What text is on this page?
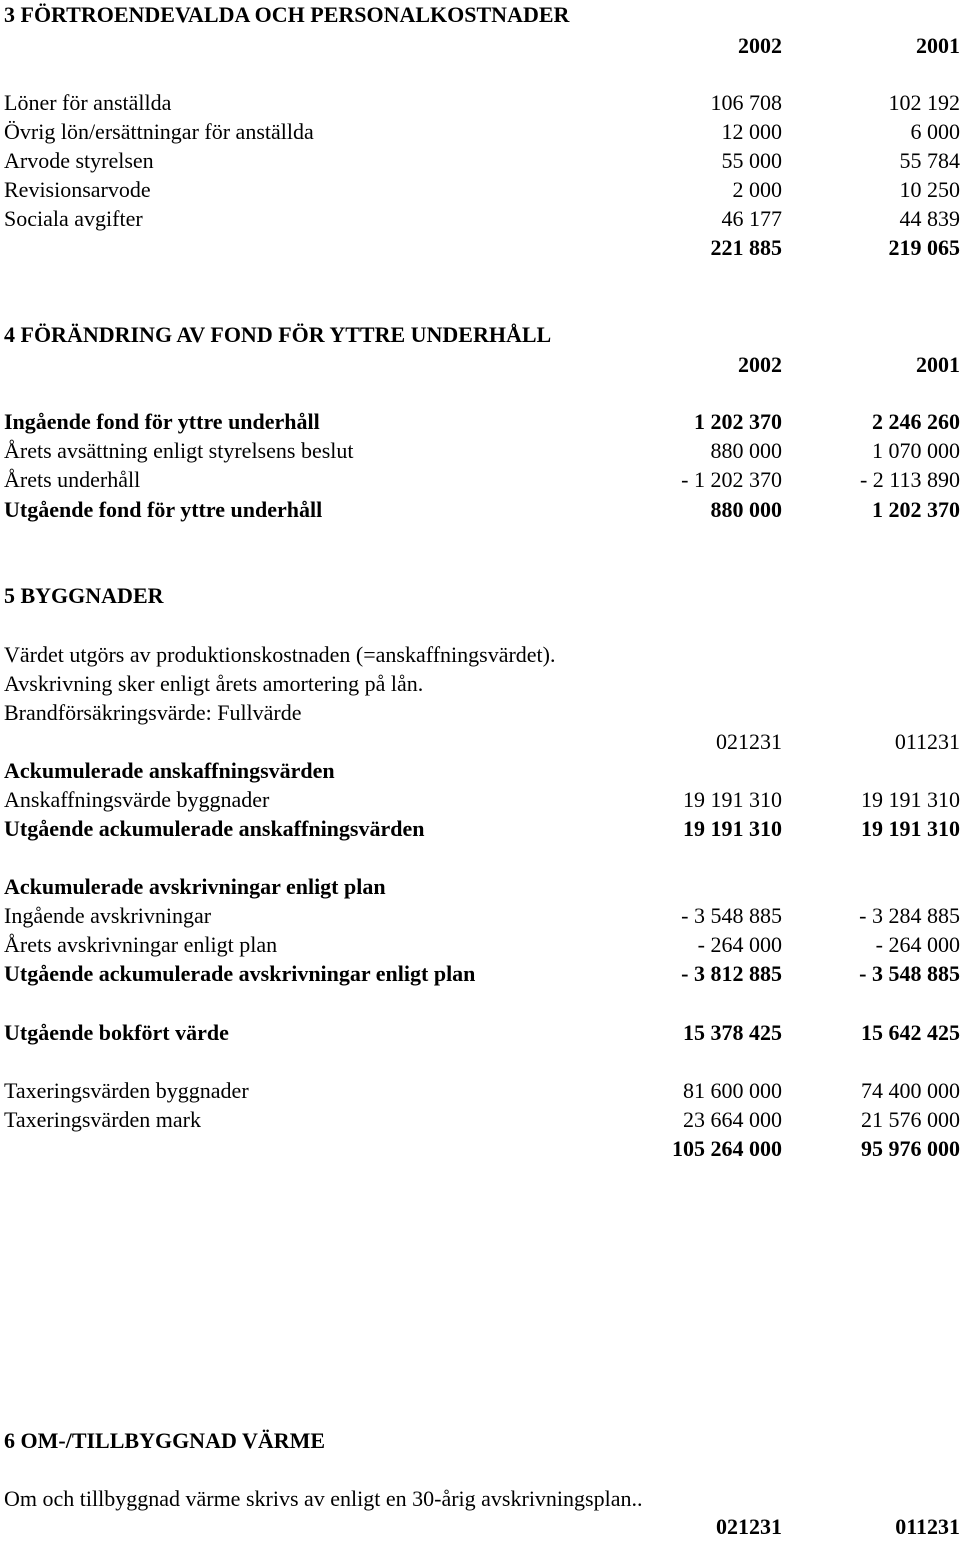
3 FÖRTROENDEVALDA OCH PERSONALKOSTNADER
2002	2001
Löner för anställda	106 708	102 192
Övrig lön/ersättningar för anställda	12 000	6 000
Arvode styrelsen	55 000	55 784
Revisionsarvode	2 000	10 250
Sociala avgifter	46 177	44 839
221 885	219 065
4 FÖRÄNDRING AV FOND FÖR YTTRE UNDERHÅLL
2002	2001
Ingående fond för yttre underhåll	1 202 370	2 246 260
Årets avsättning enligt styrelsens beslut	880 000	1 070 000
Årets underhåll	- 1 202 370	- 2 113 890
Utgående fond för yttre underhåll	880 000	1 202 370
5 BYGGNADER
Värdet utgörs av produktionskostnaden (=anskaffningsvärdet).
Avskrivning sker enligt årets amortering på lån.
Brandförsäkringsvärde: Fullvärde
021231	011231
Ackumulerade anskaffningsvärden
Anskaffningsvärde byggnader	19 191 310	19 191 310
Utgående ackumulerade anskaffningsvärden	19 191 310	19 191 310
Ackumulerade avskrivningar enligt plan
Ingående avskrivningar	- 3 548 885	- 3 284 885
Årets avskrivningar enligt plan	- 264 000	- 264 000
Utgående ackumulerade avskrivningar enligt plan	- 3 812 885	- 3 548 885
Utgående bokfört värde	15 378 425	15 642 425
Taxeringsvärden byggnader	81 600 000	74 400 000
Taxeringsvärden mark	23 664 000	21 576 000
105 264 000	95 976 000
6 OM-/TILLBYGGNAD VÄRME
Om och tillbyggnad värme skrivs av enligt en 30-årig avskrivningsplan..
021231	011231
